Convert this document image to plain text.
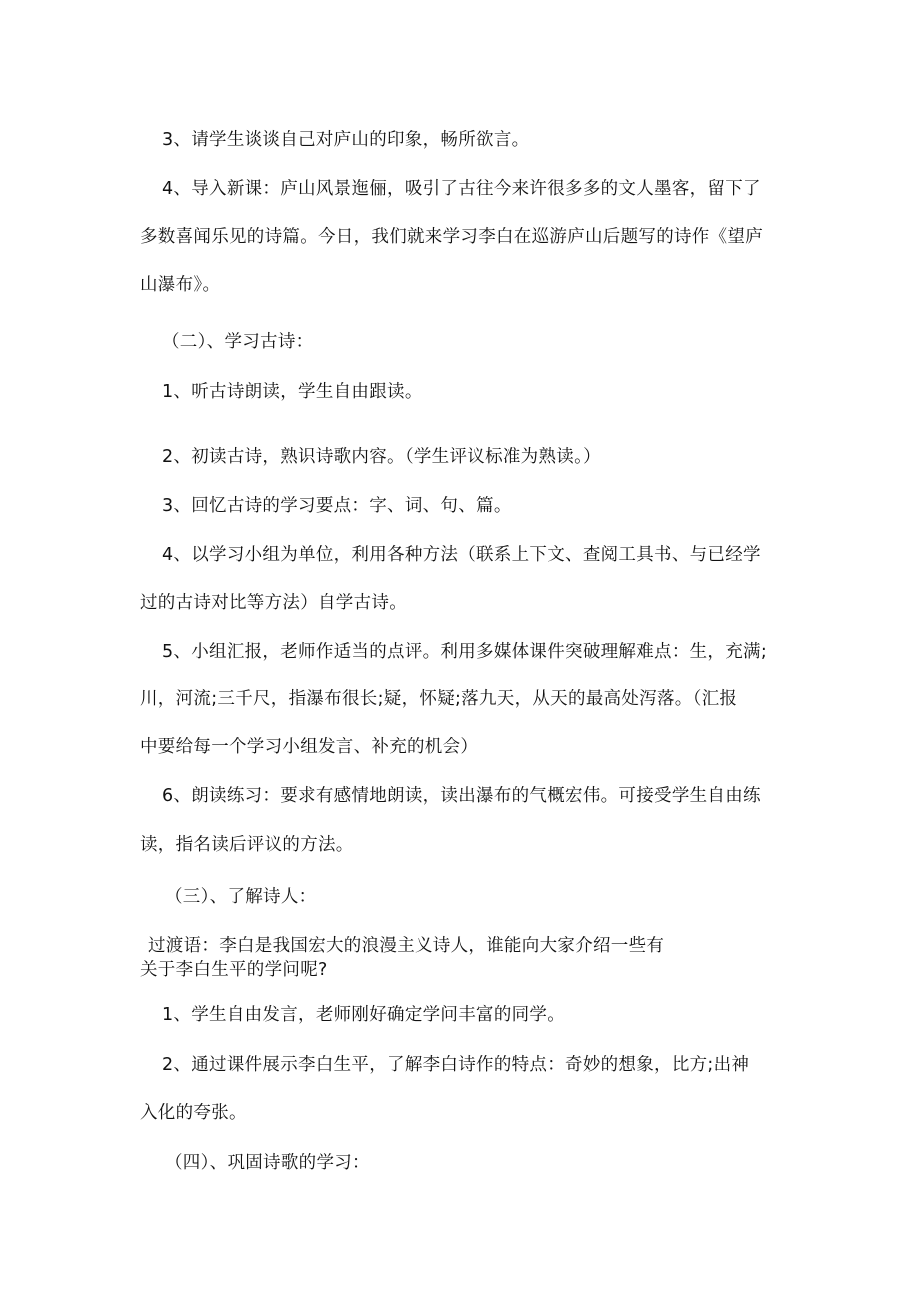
3、请学生谈谈自己对庐山的印象，畅所欲言。
4、导入新课：庐山风景迤俪，吸引了古往今来许很多多的文人墨客，留下了
多数喜闻乐见的诗篇。今日，我们就来学习李白在巡游庐山后题写的诗作《望庐
山瀑布》。
（二）、学习古诗：
1、听古诗朗读，学生自由跟读。
2、初读古诗，熟识诗歌内容。（学生评议标准为熟读。）
3、回忆古诗的学习要点：字、词、句、篇。
4、以学习小组为单位，利用各种方法（联系上下文、查阅工具书、与已经学
过的古诗对比等方法）自学古诗。
5、小组汇报，老师作适当的点评。利用多媒体课件突破理解难点：生，充满;
川，河流;三千尺，指瀑布很长;疑，怀疑;落九天，从天的最高处泻落。（汇报
中要给每一个学习小组发言、补充的机会）
6、朗读练习：要求有感情地朗读，读出瀑布的气概宏伟。可接受学生自由练
读，指名读后评议的方法。
（三）、了解诗人：
过渡语：李白是我国宏大的浪漫主义诗人，谁能向大家介绍一些有
关于李白生平的学问呢?
1、学生自由发言，老师刚好确定学问丰富的同学。
2、通过课件展示李白生平，了解李白诗作的特点：奇妙的想象，比方;出神
入化的夸张。
（四）、巩固诗歌的学习：
